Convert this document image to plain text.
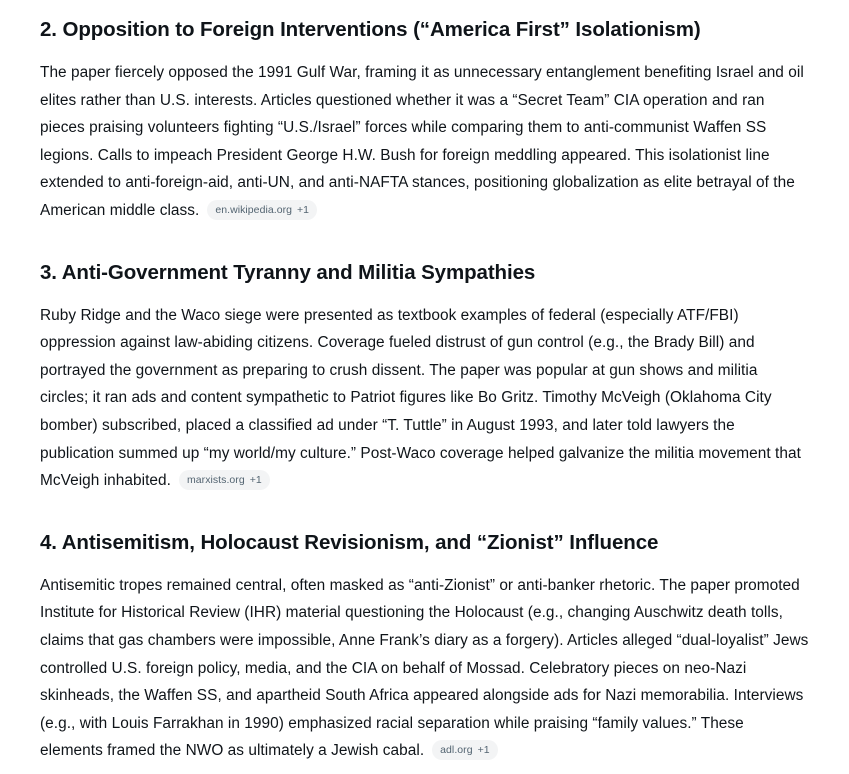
2. Opposition to Foreign Interventions (“America First” Isolationism)

The paper fiercely opposed the 1991 Gulf War, framing it as unnecessary entanglement benefiting Israel and oil elites rather than U.S. interests. Articles questioned whether it was a “Secret Team” CIA operation and ran pieces praising volunteers fighting “U.S./Israel” forces while comparing them to anti-communist Waffen SS legions. Calls to impeach President George H.W. Bush for foreign meddling appeared. This isolationist line extended to anti-foreign-aid, anti-UN, and anti-NAFTA stances, positioning globalization as elite betrayal of the American middle class. en.wikipedia.org +1

3. Anti-Government Tyranny and Militia Sympathies

Ruby Ridge and the Waco siege were presented as textbook examples of federal (especially ATF/FBI) oppression against law-abiding citizens. Coverage fueled distrust of gun control (e.g., the Brady Bill) and portrayed the government as preparing to crush dissent. The paper was popular at gun shows and militia circles; it ran ads and content sympathetic to Patriot figures like Bo Gritz. Timothy McVeigh (Oklahoma City bomber) subscribed, placed a classified ad under “T. Tuttle” in August 1993, and later told lawyers the publication summed up “my world/my culture.” Post-Waco coverage helped galvanize the militia movement that McVeigh inhabited. marxists.org +1

4. Antisemitism, Holocaust Revisionism, and “Zionist” Influence

Antisemitic tropes remained central, often masked as “anti-Zionist” or anti-banker rhetoric. The paper promoted Institute for Historical Review (IHR) material questioning the Holocaust (e.g., changing Auschwitz death tolls, claims that gas chambers were impossible, Anne Frank’s diary as a forgery). Articles alleged “dual-loyalist” Jews controlled U.S. foreign policy, media, and the CIA on behalf of Mossad. Celebratory pieces on neo-Nazi skinheads, the Waffen SS, and apartheid South Africa appeared alongside ads for Nazi memorabilia. Interviews (e.g., with Louis Farrakhan in 1990) emphasized racial separation while praising “family values.” These elements framed the NWO as ultimately a Jewish cabal. adl.org +1
